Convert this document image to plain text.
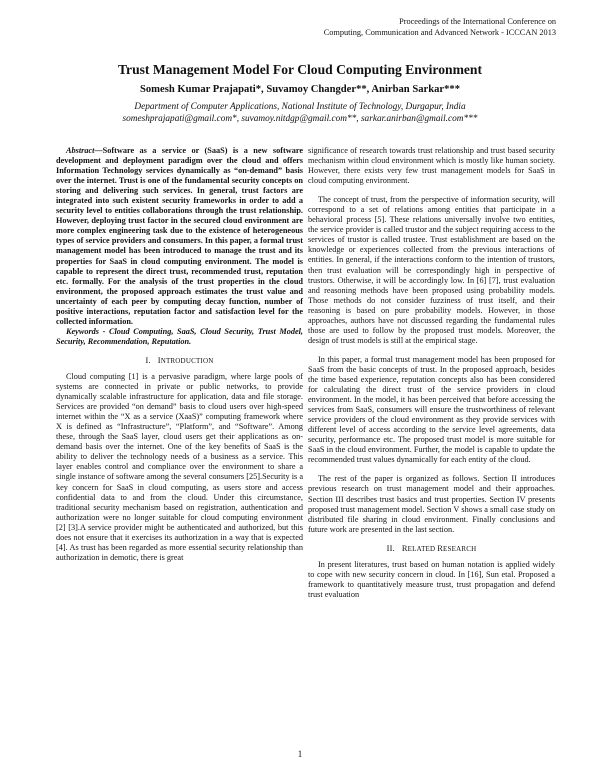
Proceedings of the International Conference on
Computing, Communication and Advanced Network - ICCCAN 2013
Trust Management Model For Cloud Computing Environment
Somesh Kumar Prajapati*, Suvamoy Changder**, Anirban Sarkar***
Department of Computer Applications, National Institute of Technology, Durgapur, India
someshprajapati@gmail.com*, suvamoy.nitdgp@gmail.com**, sarkar.anirban@gmail.com***

Abstract—Software as a service or (SaaS) is a new software development and deployment paradigm over the cloud and offers Information Technology services dynamically as “on-demand” basis over the internet. Trust is one of the fundamental security concepts on storing and delivering such services. In general, trust factors are integrated into such existent security frameworks in order to add a security level to entities collaborations through the trust relationship. However, deploying trust factor in the secured cloud environment are more complex engineering task due to the existence of heterogeneous types of service providers and consumers. In this paper, a formal trust management model has been introduced to manage the trust and its properties for SaaS in cloud computing environment. The model is capable to represent the direct trust, recommended trust, reputation etc. formally. For the analysis of the trust properties in the cloud environment, the proposed approach estimates the trust value and uncertainty of each peer by computing decay function, number of positive interactions, reputation factor and satisfaction level for the collected information.

Keywords - Cloud Computing, SaaS, Cloud Security, Trust Model, Security, Recommendation, Reputation.

I. INTRODUCTION

Cloud computing [1] is a pervasive paradigm, where large pools of systems are connected in private or public networks, to provide dynamically scalable infrastructure for application, data and file storage. Services are provided “on demand” basis to cloud users over high-speed internet within the “X as a service (XaaS)” computing framework where X is defined as “Infrastructure”, “Platform”, and “Software”. Among these, through the SaaS layer, cloud users get their applications as on-demand basis over the internet. One of the key benefits of SaaS is the ability to deliver the technology needs of a business as a service. This layer enables control and compliance over the environment to share a single instance of software among the several consumers [25].Security is a key concern for SaaS in cloud computing, as users store and access confidential data to and from the cloud. Under this circumstance, traditional security mechanism based on registration, authentication and authorization were no longer suitable for cloud computing environment [2] [3].A service provider might be authenticated and authorized, but this does not ensure that it exercises its authorization in a way that is expected [4]. As trust has been regarded as more essential security relationship than authorization in demotic, there is great

significance of research towards trust relationship and trust based security mechanism within cloud environment which is mostly like human society. However, there exists very few trust management models for SaaS in cloud computing environment.

The concept of trust, from the perspective of information security, will correspond to a set of relations among entities that participate in a behavioral process [5]. These relations universally involve two entities, the service provider is called trustor and the subject requiring access to the services of trustor is called trustee. Trust establishment are based on the knowledge or experiences collected from the previous interactions of entities. In general, if the interactions conform to the intention of trustors, then trust evaluation will be correspondingly high in perspective of trustors. Otherwise, it will be accordingly low. In [6] [7], trust evaluation and reasoning methods have been proposed using probability models. Those methods do not consider fuzziness of trust itself, and their reasoning is based on pure probability models. However, in those approaches, authors have not discussed regarding the fundamental rules those are used to follow by the proposed trust models. Moreover, the design of trust models is still at the empirical stage.

In this paper, a formal trust management model has been proposed for SaaS from the basic concepts of trust. In the proposed approach, besides the time based experience, reputation concepts also has been considered for calculating the direct trust of the service providers in cloud environment. In the model, it has been perceived that before accessing the services from SaaS, consumers will ensure the trustworthiness of relevant service providers of the cloud environment as they provide services with different level of access according to the service level agreements, data security, performance etc. The proposed trust model is more suitable for SaaS in the cloud environment. Further, the model is capable to update the recommended trust values dynamically for each entity of the cloud.

The rest of the paper is organized as follows. Section II introduces previous research on trust management model and their approaches. Section III describes trust basics and trust properties. Section IV presents proposed trust management model. Section V shows a small case study on distributed file sharing in cloud environment. Finally conclusions and future work are presented in the last section.

II. RELATED RESEARCH

In present literatures, trust based on human notation is applied widely to cope with new security concern in cloud. In [16], Sun etal. Proposed a framework to quantitatively measure trust, trust propagation and defend trust evaluation

1
